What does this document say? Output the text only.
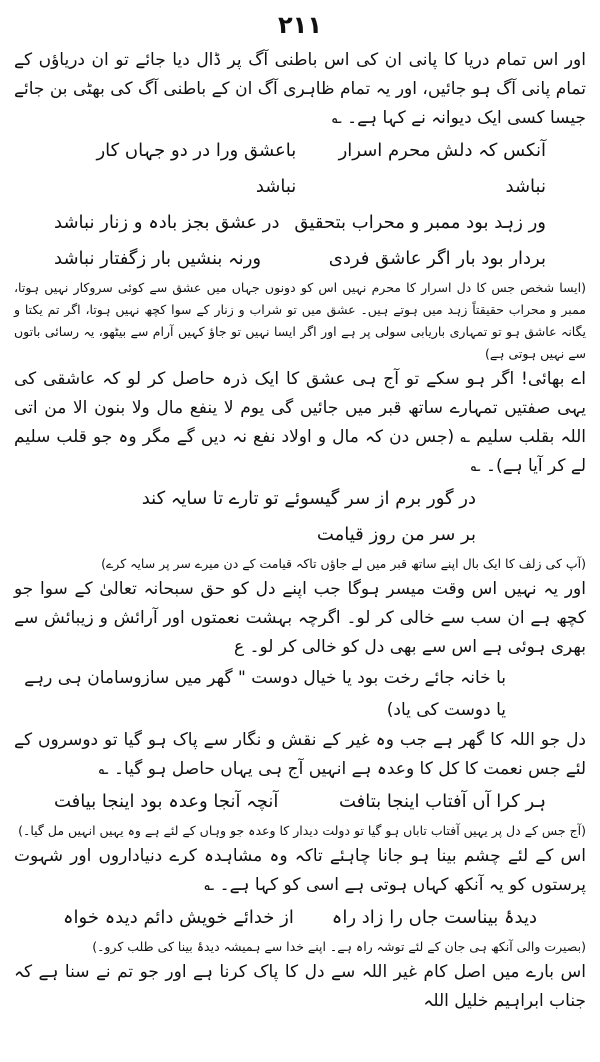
۲۱۱

اور اس تمام دریا کا پانی ان کی اس باطنی آگ پر ڈال دیا جائے تو ان دریاؤں کے تمام پانی آگ ہو جائیں، اور یہ تمام ظاہری آگ ان کے باطنی آگ کی بھٹی بن جائے جیسا کسی ایک دیوانہ نے کہا ہے۔ ؎

آنکس کہ دلش محرم اسرار نباشد
باعشق ورا در دو جہاں کار نباشد
ور زہد بود ممبر و محراب بتحقیق
در عشق بجز بادہ و زنار نباشد
بردار بود بار اگر عاشق فردی
ورنہ بنشیں بار زگفتار نباشد

(ایسا شخص جس کا دل اسرار کا محرم نہیں اس کو دونوں جہاں میں عشق سے کوئی سروکار نہیں ہوتا، ممبر و محراب حقیقتاً زہد میں ہوتے ہیں۔ عشق میں تو شراب و زنار کے سوا کچھ نہیں ہوتا، اگر تم یکتا و یگانہ عاشق ہو تو تمہاری باریابی سولی پر ہے اور اگر ایسا نہیں تو جاؤ کہیں آرام سے بیٹھو، یہ رسائی باتوں سے نہیں ہوتی ہے)

اے بھائی! اگر ہو سکے تو آج ہی عشق کا ایک ذرہ حاصل کر لو کہ عاشقی کی یہی صفتیں تمہارے ساتھ قبر میں جائیں گی یوم لا ینفع مال ولا بنون الا من اتی اللہ بقلب سلیم ؎ (جس دن کہ مال و اولاد نفع نہ دیں گے مگر وہ جو قلب سلیم لے کر آیا ہے)۔ ؎

در گور برم از سر گیسوئے تو تارے تا سایہ کند بر سر من روز قیامت

(آپ کی زلف کا ایک بال اپنے ساتھ قبر میں لے جاؤں تاکہ قیامت کے دن میرے سر پر سایہ کرے)

اور یہ نہیں اس وقت میسر ہوگا جب اپنے دل کو حق سبحانہ تعالیٰ کے سوا جو کچھ ہے ان سب سے خالی کر لو۔ اگرچہ بہشت نعمتوں اور آرائش و زیبائش سے بھری ہوئی ہے اس سے بھی دل کو خالی کر لو۔ ع

با خانہ جائے رخت بود یا خیال دوست " گھر میں سازوسامان ہی رہے یا دوست کی یاد)

دل جو اللہ کا گھر ہے جب وہ غیر کے نقش و نگار سے پاک ہو گیا تو دوسروں کے لئے جس نعمت کا کل کا وعدہ ہے انہیں آج ہی یہاں حاصل ہو گیا۔ ؎

ہر کرا آں آفتاب اینجا بتافت
آنچہ آنجا وعدہ بود اینجا بیافت

(آج جس کے دل پر یہیں آفتاب تاباں ہو گیا تو دولت دیدار کا وعدہ جو وہاں کے لئے ہے وہ یہیں انہیں مل گیا۔)

اس کے لئے چشم بینا ہو جانا چاہئے تاکہ وہ مشاہدہ کرے دنیاداروں اور شہوت پرستوں کو یہ آنکھ کہاں ہوتی ہے اسی کو کہا ہے۔ ؎

دیدۂ بیناست جاں را زاد راہ
از خدائے خویش دائم دیدہ خواہ

(بصیرت والی آنکھ ہی جان کے لئے توشہ راہ ہے۔ اپنے خدا سے ہمیشہ دیدۂ بینا کی طلب کرو۔)

اس بارے میں اصل کام غیر اللہ سے دل کا پاک کرنا ہے اور جو تم نے سنا ہے کہ جناب ابراہیم خلیل اللہ
